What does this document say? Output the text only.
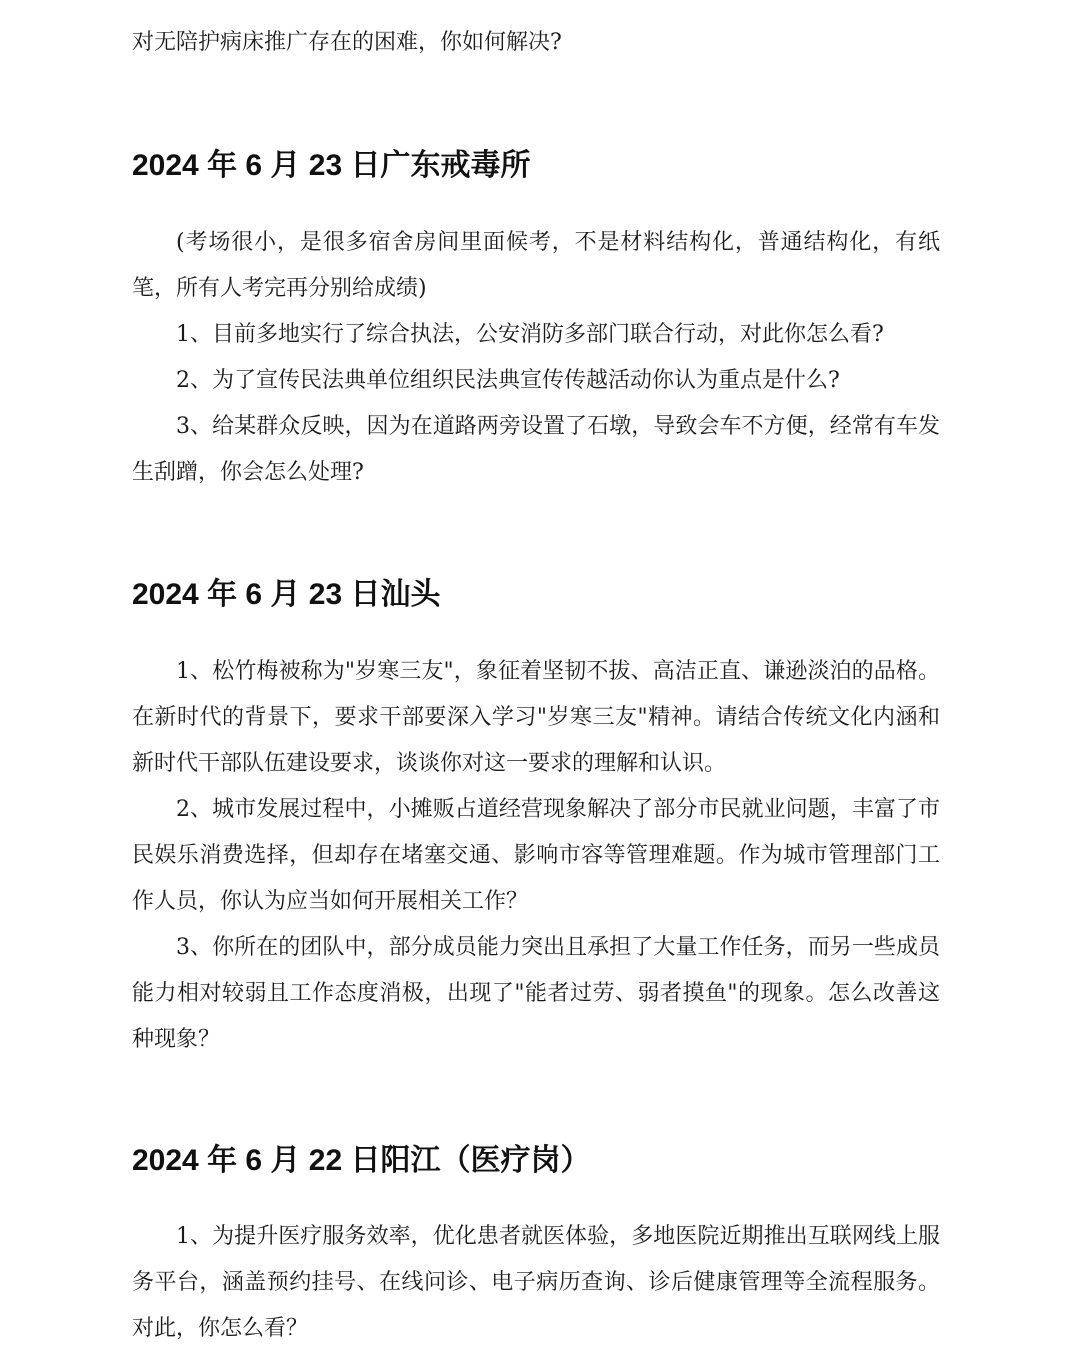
对无陪护病床推广存在的困难，你如何解决?

2024 年 6 月 23 日广东戒毒所

(考场很小，是很多宿舍房间里面候考，不是材料结构化，普通结构化，有纸笔，所有人考完再分别给成绩)

1、目前多地实行了综合执法，公安消防多部门联合行动，对此你怎么看?

2、为了宣传民法典单位组织民法典宣传传越活动你认为重点是什么?

3、给某群众反映，因为在道路两旁设置了石墩，导致会车不方便，经常有车发生刮蹭，你会怎么处理?

2024 年 6 月 23 日汕头

1、松竹梅被称为"岁寒三友"，象征着坚韧不拔、高洁正直、谦逊淡泊的品格。在新时代的背景下，要求干部要深入学习"岁寒三友"精神。请结合传统文化内涵和新时代干部队伍建设要求，谈谈你对这一要求的理解和认识。

2、城市发展过程中，小摊贩占道经营现象解决了部分市民就业问题，丰富了市民娱乐消费选择，但却存在堵塞交通、影响市容等管理难题。作为城市管理部门工作人员，你认为应当如何开展相关工作？

3、你所在的团队中，部分成员能力突出且承担了大量工作任务，而另一些成员能力相对较弱且工作态度消极，出现了"能者过劳、弱者摸鱼"的现象。怎么改善这种现象？

2024 年 6 月 22 日阳江（医疗岗）

1、为提升医疗服务效率，优化患者就医体验，多地医院近期推出互联网线上服务平台，涵盖预约挂号、在线问诊、电子病历查询、诊后健康管理等全流程服务。对此，你怎么看？
